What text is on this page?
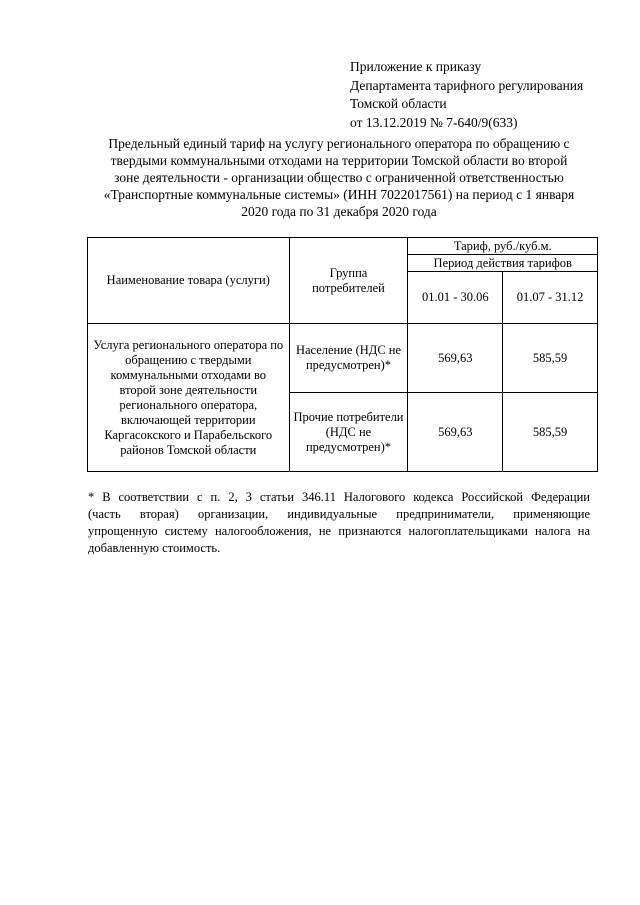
Приложение к приказу
Департамента тарифного регулирования
Томской области
от 13.12.2019 № 7-640/9(633)
Предельный единый тариф на услугу регионального оператора по обращению с
твердыми коммунальными отходами на территории Томской области во второй
зоне деятельности - организации общество с ограниченной ответственностью
«Транспортные коммунальные системы» (ИНН 7022017561) на период с 1 января
2020 года по 31 декабря 2020 года
Наименование товара (услуги)	Группа потребителей	Тариф, руб./куб.м.	
		Период действия тарифов	
		01.01 - 30.06	01.07 - 31.12
Услуга регионального оператора по обращению с твердыми коммунальными отходами во второй зоне деятельности регионального оператора, включающей территории Каргасокского и Парабельского районов Томской области	Население (НДС не предусмотрен)*	569,63	585,59
	Прочие потребители (НДС не предусмотрен)*	569,63	585,59
* В соответствии с п. 2, 3 статьи 346.11 Налогового кодекса Российской Федерации
(часть вторая) организации, индивидуальные предприниматели, применяющие
упрощенную систему налогообложения, не признаются налогоплательщиками налога на
добавленную стоимость.
